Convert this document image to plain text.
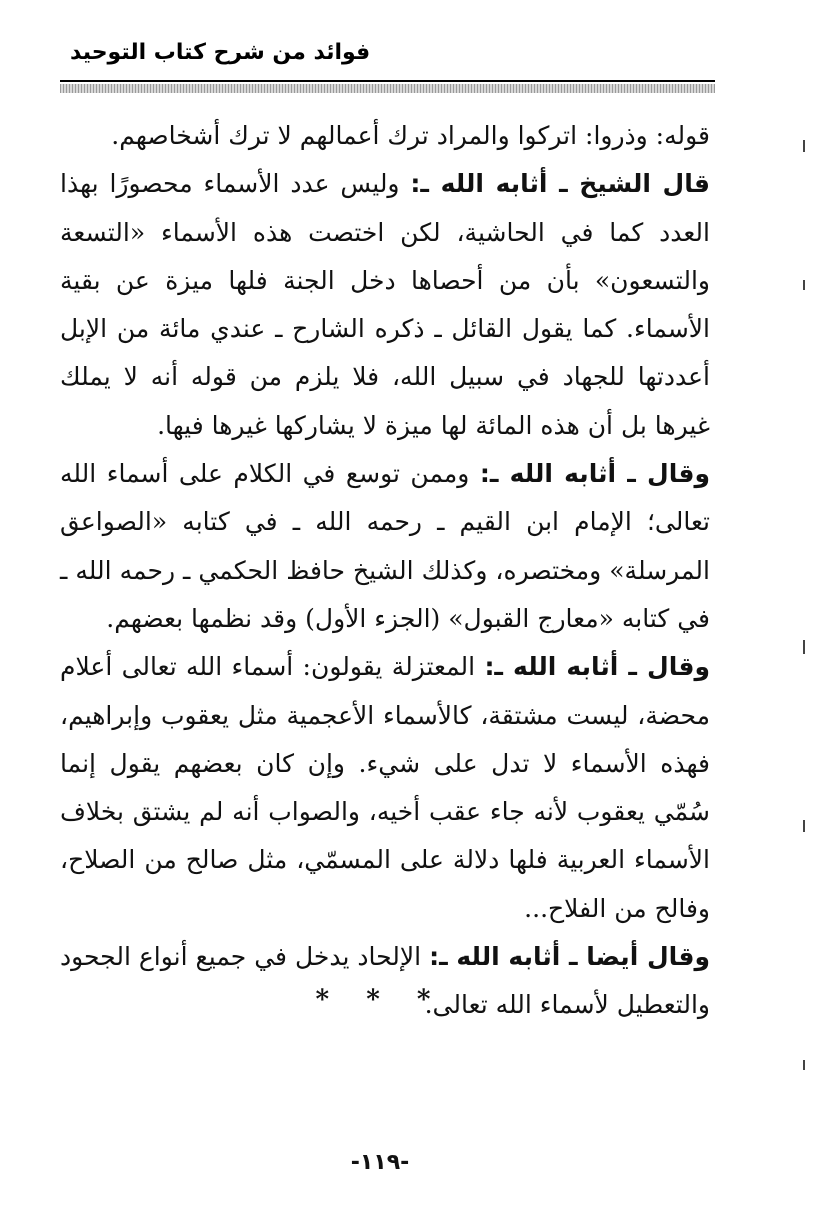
فوائد من شرح كتاب التوحيد

قوله: وذروا: اتركوا والمراد ترك أعمالهم لا ترك أشخاصهم.

قال الشيخ ـ أثابه الله ـ: وليس عدد الأسماء محصورًا بهذا العدد كما في الحاشية، لكن اختصت هذه الأسماء «التسعة والتسعون» بأن من أحصاها دخل الجنة فلها ميزة عن بقية الأسماء. كما يقول القائل ـ ذكره الشارح ـ عندي مائة من الإبل أعددتها للجهاد في سبيل الله، فلا يلزم من قوله أنه لا يملك غيرها بل أن هذه المائة لها ميزة لا يشاركها غيرها فيها.

وقال ـ أثابه الله ـ: وممن توسع في الكلام على أسماء الله تعالى؛ الإمام ابن القيم ـ رحمه الله ـ في كتابه «الصواعق المرسلة» ومختصره، وكذلك الشيخ حافظ الحكمي ـ رحمه الله ـ في كتابه «معارج القبول» (الجزء الأول) وقد نظمها بعضهم.

وقال ـ أثابه الله ـ: المعتزلة يقولون: أسماء الله تعالى أعلام محضة، ليست مشتقة، كالأسماء الأعجمية مثل يعقوب وإبراهيم، فهذه الأسماء لا تدل على شيء. وإن كان بعضهم يقول إنما سُمّي يعقوب لأنه جاء عقب أخيه، والصواب أنه لم يشتق بخلاف الأسماء العربية فلها دلالة على المسمّي، مثل صالح من الصلاح، وفالح من الفلاح...

وقال أيضا ـ أثابه الله ـ: الإلحاد يدخل في جميع أنواع الجحود والتعطيل لأسماء الله تعالى.

* * *
-١١٩-
